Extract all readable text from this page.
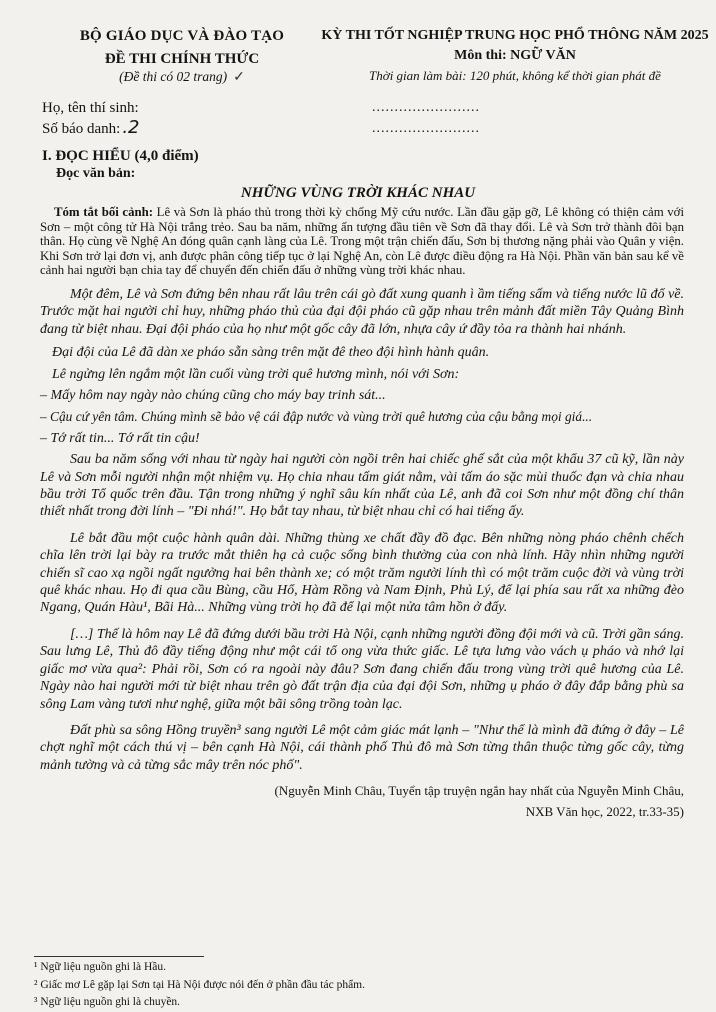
BỘ GIÁO DỤC VÀ ĐÀO TẠO
ĐỀ THI CHÍNH THỨC
(Đề thi có 02 trang) ✓
KỲ THI TỐT NGHIỆP TRUNG HỌC PHỔ THÔNG NĂM 2025
Môn thi: NGỮ VĂN
Thời gian làm bài: 120 phút, không kể thời gian phát đề
Họ, tên thí sinh:	........................
Số báo danh: .2	........................
I. ĐỌC HIỂU (4,0 điểm)
Đọc văn bản:
NHỮNG VÙNG TRỜI KHÁC NHAU

Tóm tắt bối cảnh: Lê và Sơn là pháo thủ trong thời kỳ chống Mỹ cứu nước. Lần đầu gặp gỡ, Lê không có thiện cảm với Sơn – một công tử Hà Nội trắng trẻo. Sau ba năm, những ấn tượng đầu tiên về Sơn đã thay đổi. Lê và Sơn trở thành đôi bạn thân. Họ cùng về Nghệ An đóng quân cạnh làng của Lê. Trong một trận chiến đấu, Sơn bị thương nặng phải vào Quân y viện. Khi Sơn trở lại đơn vị, anh được phân công tiếp tục ở lại Nghệ An, còn Lê được điều động ra Hà Nội. Phần văn bản sau kể về cảnh hai người bạn chia tay để chuyển đến chiến đấu ở những vùng trời khác nhau.

Một đêm, Lê và Sơn đứng bên nhau rất lâu trên cái gò đất xung quanh ì ầm tiếng sấm và tiếng nước lũ đổ về. Trước mặt hai người chỉ huy, những pháo thủ của đại đội pháo cũ gặp nhau trên mảnh đất miền Tây Quảng Bình đang từ biệt nhau. Đại đội pháo của họ như một gốc cây đã lớn, nhựa cây ứ đầy tỏa ra thành hai nhánh.

Đại đội của Lê đã dàn xe pháo sẵn sàng trên mặt đê theo đội hình hành quân.

Lê ngửng lên ngắm một lần cuối vùng trời quê hương mình, nói với Sơn:

– Mấy hôm nay ngày nào chúng cũng cho máy bay trinh sát...

– Cậu cứ yên tâm. Chúng mình sẽ bảo vệ cái đập nước và vùng trời quê hương của cậu bằng mọi giá...

– Tớ rất tin... Tớ rất tin cậu!

Sau ba năm sống với nhau từ ngày hai người còn ngồi trên hai chiếc ghế sắt của một khẩu 37 cũ kỹ, lần này Lê và Sơn mỗi người nhận một nhiệm vụ. Họ chia nhau tấm giát nằm, vài tấm áo sặc mùi thuốc đạn và chia nhau bầu trời Tổ quốc trên đầu. Tận trong những ý nghĩ sâu kín nhất của Lê, anh đã coi Sơn như một đồng chí thân thiết nhất trong đời lính – "Đi nhá!". Họ bắt tay nhau, từ biệt nhau chỉ có hai tiếng ấy.

Lê bắt đầu một cuộc hành quân dài. Những thùng xe chất đầy đồ đạc. Bên những nòng pháo chênh chếch chĩa lên trời lại bày ra trước mắt thiên hạ cả cuộc sống bình thường của con nhà lính. Hãy nhìn những người chiến sĩ cao xạ ngồi ngất ngưởng hai bên thành xe; có một trăm người lính thì có một trăm cuộc đời và vùng trời quê khác nhau. Họ đi qua cầu Bùng, cầu Hổ, Hàm Rồng và Nam Định, Phủ Lý, để lại phía sau rất xa những đèo Ngang, Quán Hàu¹, Bãi Hà... Những vùng trời họ đã để lại một nửa tâm hồn ở đấy.

[…] Thế là hôm nay Lê đã đứng dưới bầu trời Hà Nội, cạnh những người đồng đội mới và cũ. Trời gần sáng. Sau lưng Lê, Thủ đô đầy tiếng động như một cái tổ ong vừa thức giấc. Lê tựa lưng vào vách ụ pháo và nhớ lại giấc mơ vừa qua²: Phải rồi, Sơn có ra ngoài này đâu? Sơn đang chiến đấu trong vùng trời quê hương của Lê. Ngày nào hai người mới từ biệt nhau trên gò đất trận địa của đại đội Sơn, những ụ pháo ở đây đắp bằng phù sa sông Lam vàng tươi như nghệ, giữa một bãi sông trồng toàn lạc.

Đất phù sa sông Hồng truyền³ sang người Lê một cảm giác mát lạnh – "Như thể là mình đã đứng ở đây – Lê chợt nghĩ một cách thú vị – bên cạnh Hà Nội, cái thành phố Thủ đô mà Sơn từng thân thuộc từng gốc cây, từng mảnh tường và cả từng sắc mây trên nóc phố".

(Nguyễn Minh Châu, Tuyển tập truyện ngắn hay nhất của Nguyễn Minh Châu,
NXB Văn học, 2022, tr.33-35)
¹ Ngữ liệu nguồn ghi là Hầu.
² Giấc mơ Lê gặp lại Sơn tại Hà Nội được nói đến ở phần đầu tác phẩm.
³ Ngữ liệu nguồn ghi là chuyền.
